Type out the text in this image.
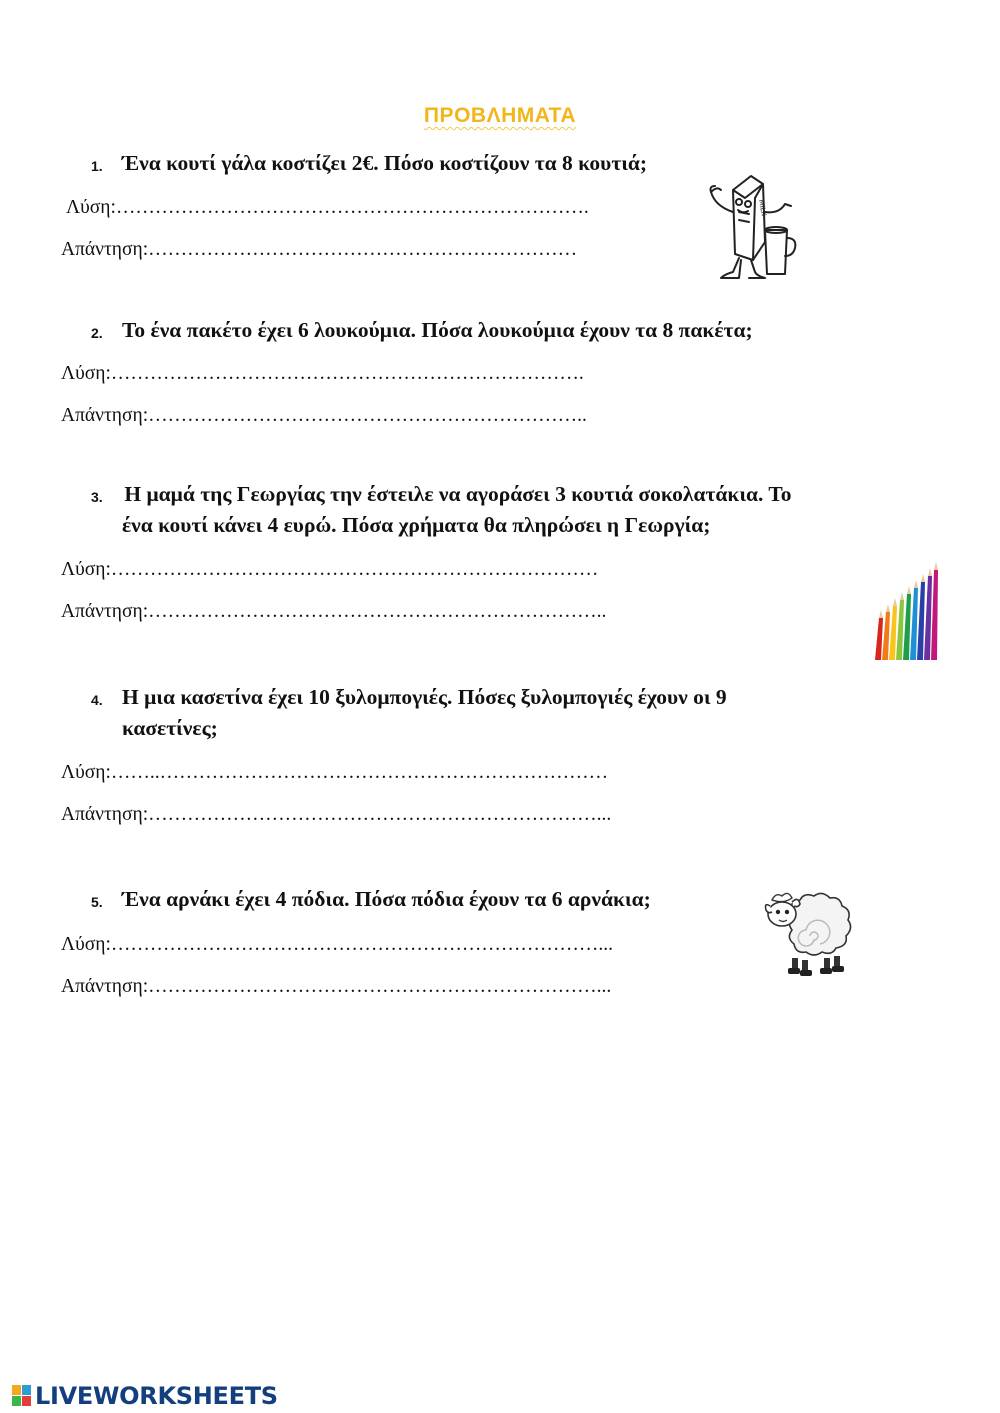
ΠΡΟΒΛΗΜΑΤΑ
1. Ένα κουτί γάλα κοστίζει 2€. Πόσο κοστίζουν τα 8 κουτιά;
Λύση:……………………………………………………………….
Απάντηση:…………………………………………………………
MILK
2. Το ένα πακέτο έχει 6 λουκούμια. Πόσα λουκούμια έχουν τα 8 πακέτα;
Λύση:……………………………………………………………….
Απάντηση:…………………………………………………………..
3. Η μαμά της Γεωργίας την έστειλε να αγοράσει 3 κουτιά σοκολατάκια. Το
ένα κουτί κάνει 4 ευρώ. Πόσα χρήματα θα πληρώσει η Γεωργία;
Λύση:…………………………………………………………………
Απάντηση:……………………………………………………………..
4. Η μια κασετίνα έχει 10 ξυλομπογιές. Πόσες ξυλομπογιές έχουν οι 9
κασετίνες;
Λύση:……..……………………………………………………………
Απάντηση:……………………………………………………………...
5. Ένα αρνάκι έχει 4 πόδια. Πόσα πόδια έχουν τα 6 αρνάκια;
Λύση:…………………………………………………………………...
Απάντηση:……………………………………………………………...
LIVEWORKSHEETS
